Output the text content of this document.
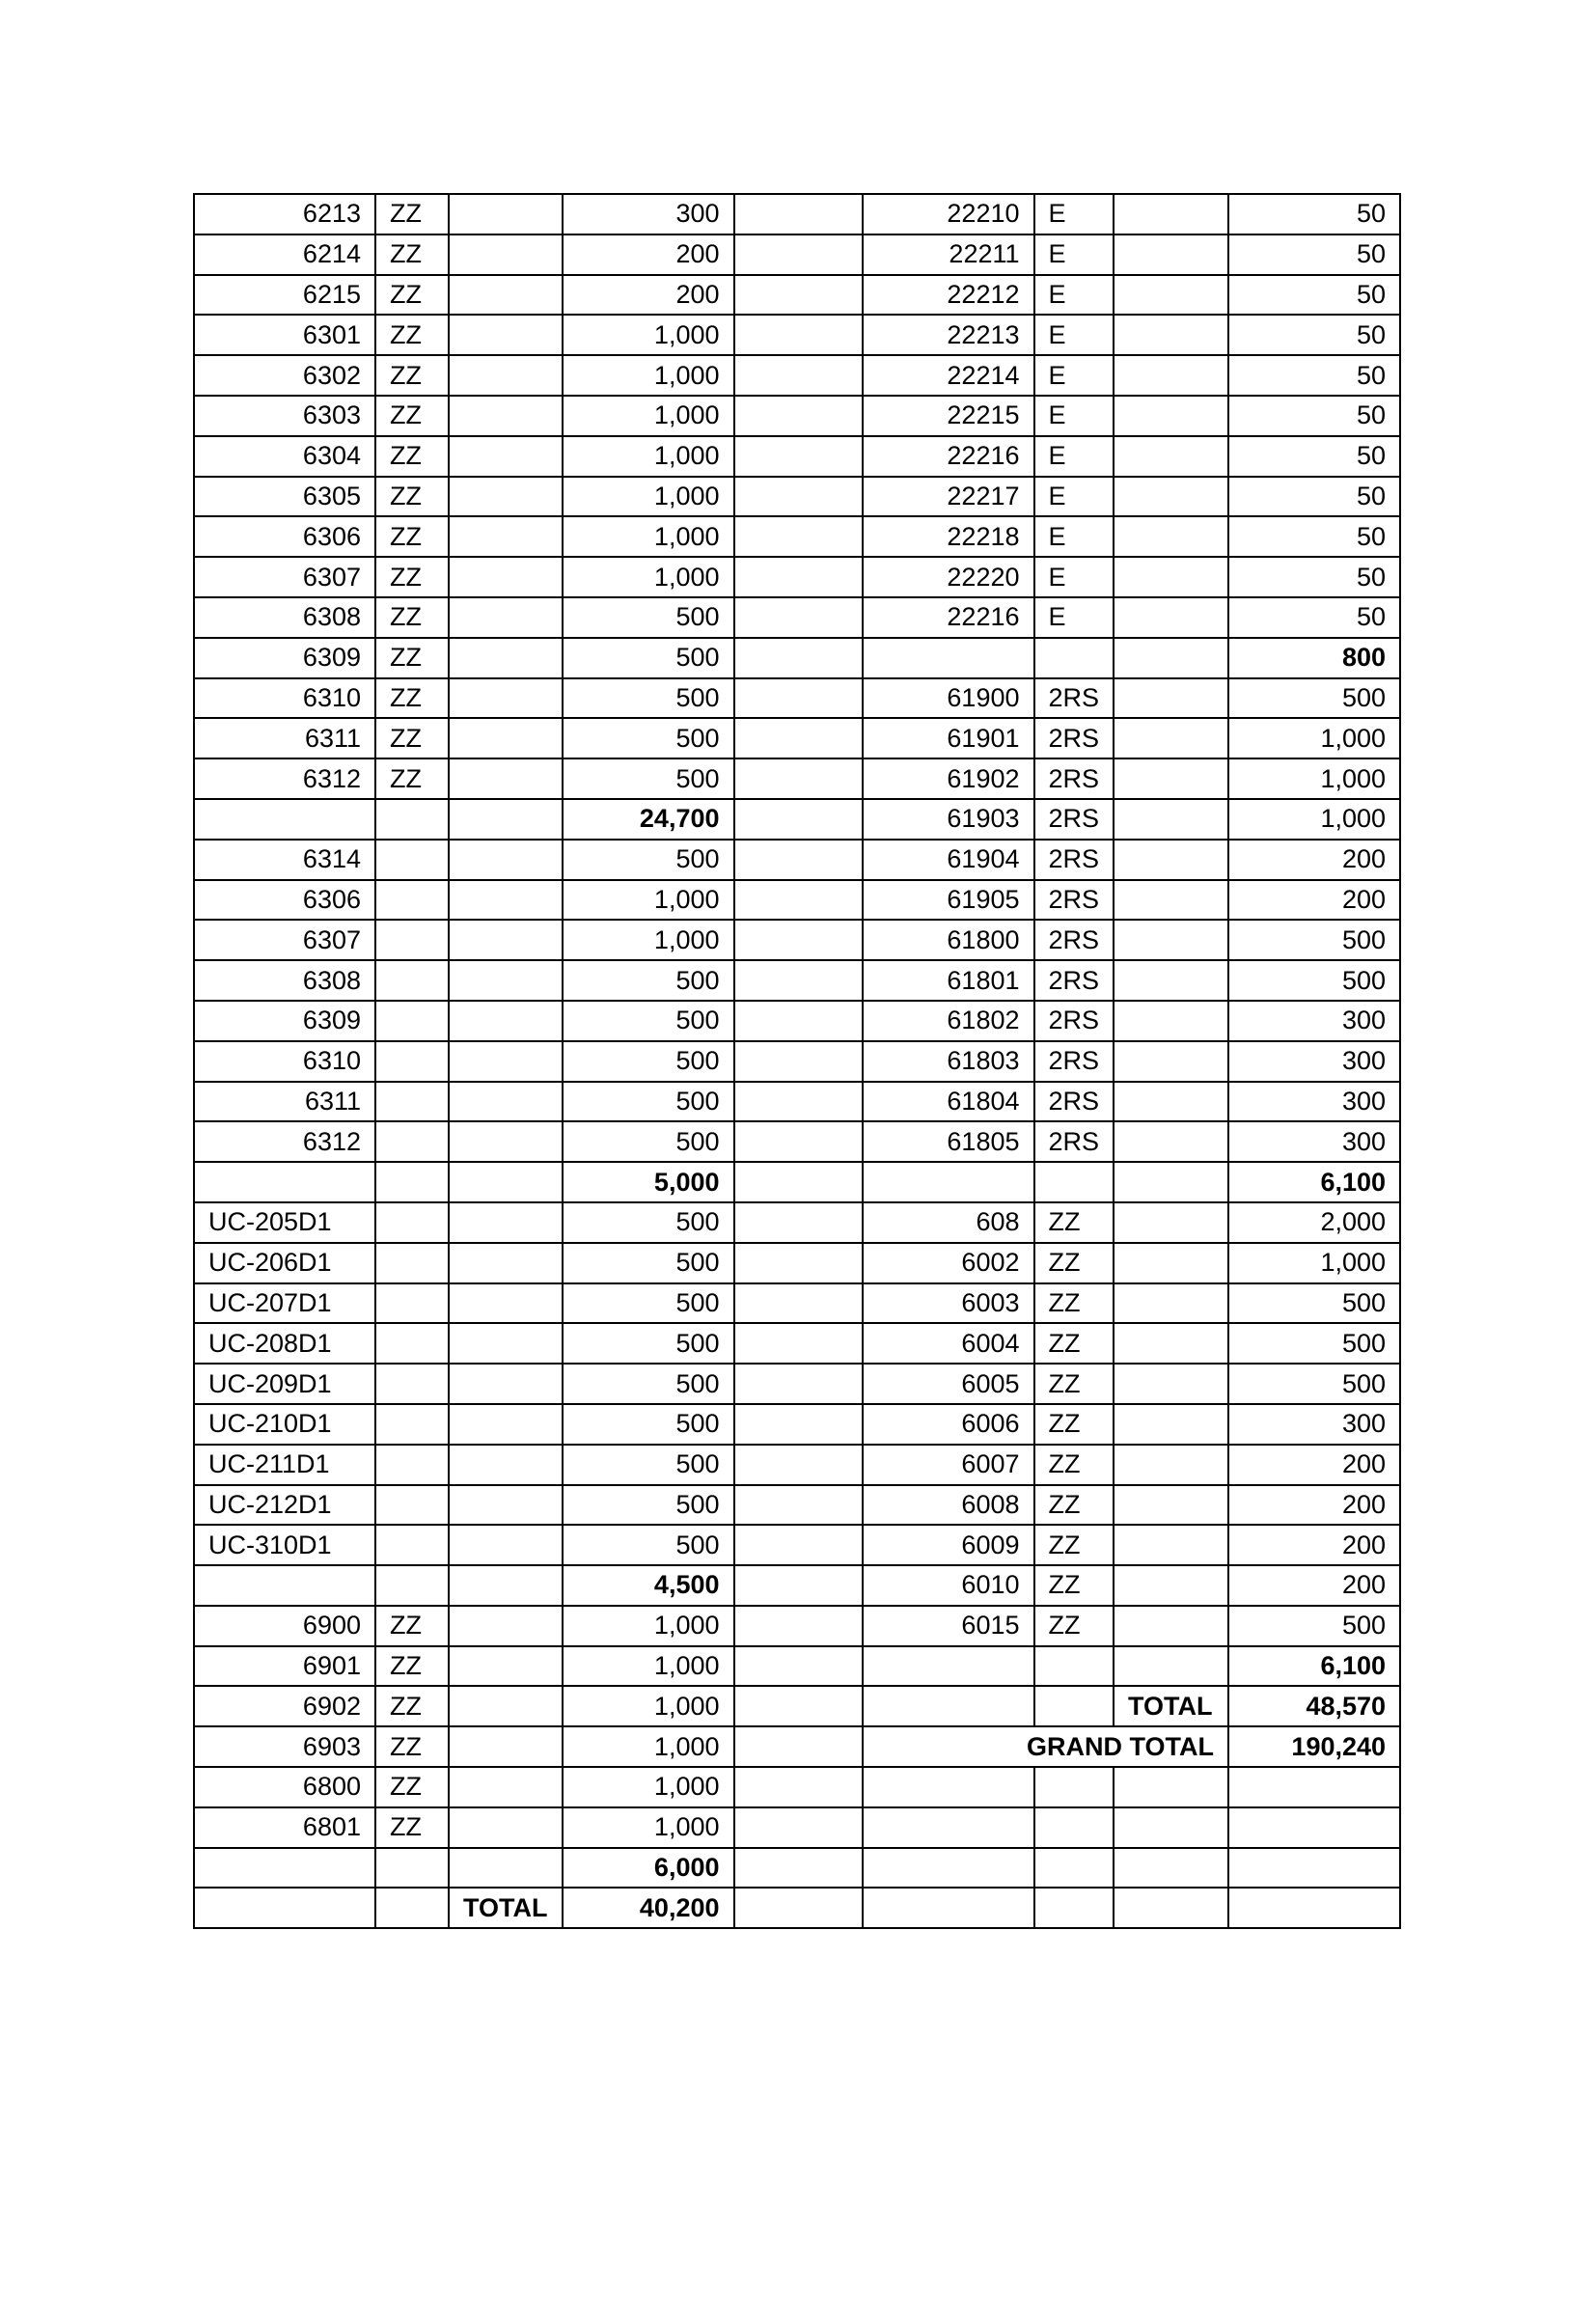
6213	ZZ		300		22210	E		50
6214	ZZ		200		22211	E		50
6215	ZZ		200		22212	E		50
6301	ZZ		1,000		22213	E		50
6302	ZZ		1,000		22214	E		50
6303	ZZ		1,000		22215	E		50
6304	ZZ		1,000		22216	E		50
6305	ZZ		1,000		22217	E		50
6306	ZZ		1,000		22218	E		50
6307	ZZ		1,000		22220	E		50
6308	ZZ		500		22216	E		50
6309	ZZ		500					800
6310	ZZ		500		61900	2RS		500
6311	ZZ		500		61901	2RS		1,000
6312	ZZ		500		61902	2RS		1,000
			24,700		61903	2RS		1,000
6314			500		61904	2RS		200
6306			1,000		61905	2RS		200
6307			1,000		61800	2RS		500
6308			500		61801	2RS		500
6309			500		61802	2RS		300
6310			500		61803	2RS		300
6311			500		61804	2RS		300
6312			500		61805	2RS		300
			5,000					6,100
UC-205D1			500		608	ZZ		2,000
UC-206D1			500		6002	ZZ		1,000
UC-207D1			500		6003	ZZ		500
UC-208D1			500		6004	ZZ		500
UC-209D1			500		6005	ZZ		500
UC-210D1			500		6006	ZZ		300
UC-211D1			500		6007	ZZ		200
UC-212D1			500		6008	ZZ		200
UC-310D1			500		6009	ZZ		200
			4,500		6010	ZZ		200
6900	ZZ		1,000		6015	ZZ		500
6901	ZZ		1,000					6,100
6902	ZZ		1,000				TOTAL	48,570
6903	ZZ		1,000		GRAND TOTAL			190,240
6800	ZZ		1,000					
6801	ZZ		1,000					
			6,000					
		TOTAL	40,200					
